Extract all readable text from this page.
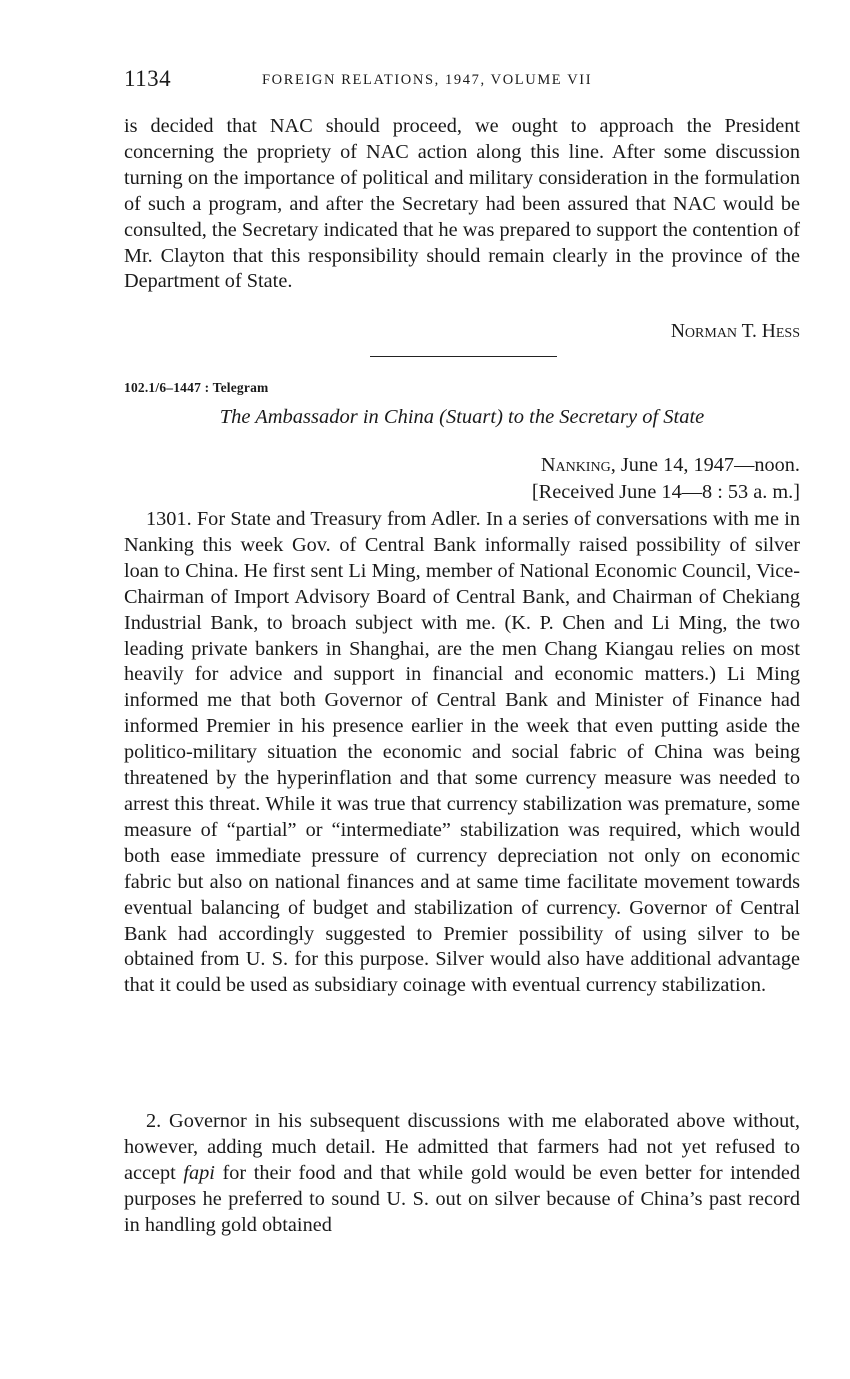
1134	FOREIGN RELATIONS, 1947, VOLUME VII

is decided that NAC should proceed, we ought to approach the President concerning the propriety of NAC action along this line. After some discussion turning on the importance of political and military consideration in the formulation of such a program, and after the Secretary had been assured that NAC would be consulted, the Secretary indicated that he was prepared to support the contention of Mr. Clayton that this responsibility should remain clearly in the province of the Department of State.

Norman T. Hess
102.1/6–1447 : Telegram
The Ambassador in China (Stuart) to the Secretary of State
Nanking, June 14, 1947—noon.
[Received June 14—8 : 53 a. m.]

1301. For State and Treasury from Adler. In a series of conversations with me in Nanking this week Gov. of Central Bank informally raised possibility of silver loan to China. He first sent Li Ming, member of National Economic Council, Vice-Chairman of Import Advisory Board of Central Bank, and Chairman of Chekiang Industrial Bank, to broach subject with me. (K. P. Chen and Li Ming, the two leading private bankers in Shanghai, are the men Chang Kiangau relies on most heavily for advice and support in financial and economic matters.) Li Ming informed me that both Governor of Central Bank and Minister of Finance had informed Premier in his presence earlier in the week that even putting aside the politico-military situation the economic and social fabric of China was being threatened by the hyperinflation and that some currency measure was needed to arrest this threat. While it was true that currency stabilization was premature, some measure of “partial” or “intermediate” stabilization was required, which would both ease immediate pressure of currency depreciation not only on economic fabric but also on national finances and at same time facilitate movement towards eventual balancing of budget and stabilization of currency. Governor of Central Bank had accordingly suggested to Premier possibility of using silver to be obtained from U. S. for this purpose. Silver would also have additional advantage that it could be used as subsidiary coinage with eventual currency stabilization.

2. Governor in his subsequent discussions with me elaborated above without, however, adding much detail. He admitted that farmers had not yet refused to accept fapi for their food and that while gold would be even better for intended purposes he preferred to sound U. S. out on silver because of China’s past record in handling gold obtained
